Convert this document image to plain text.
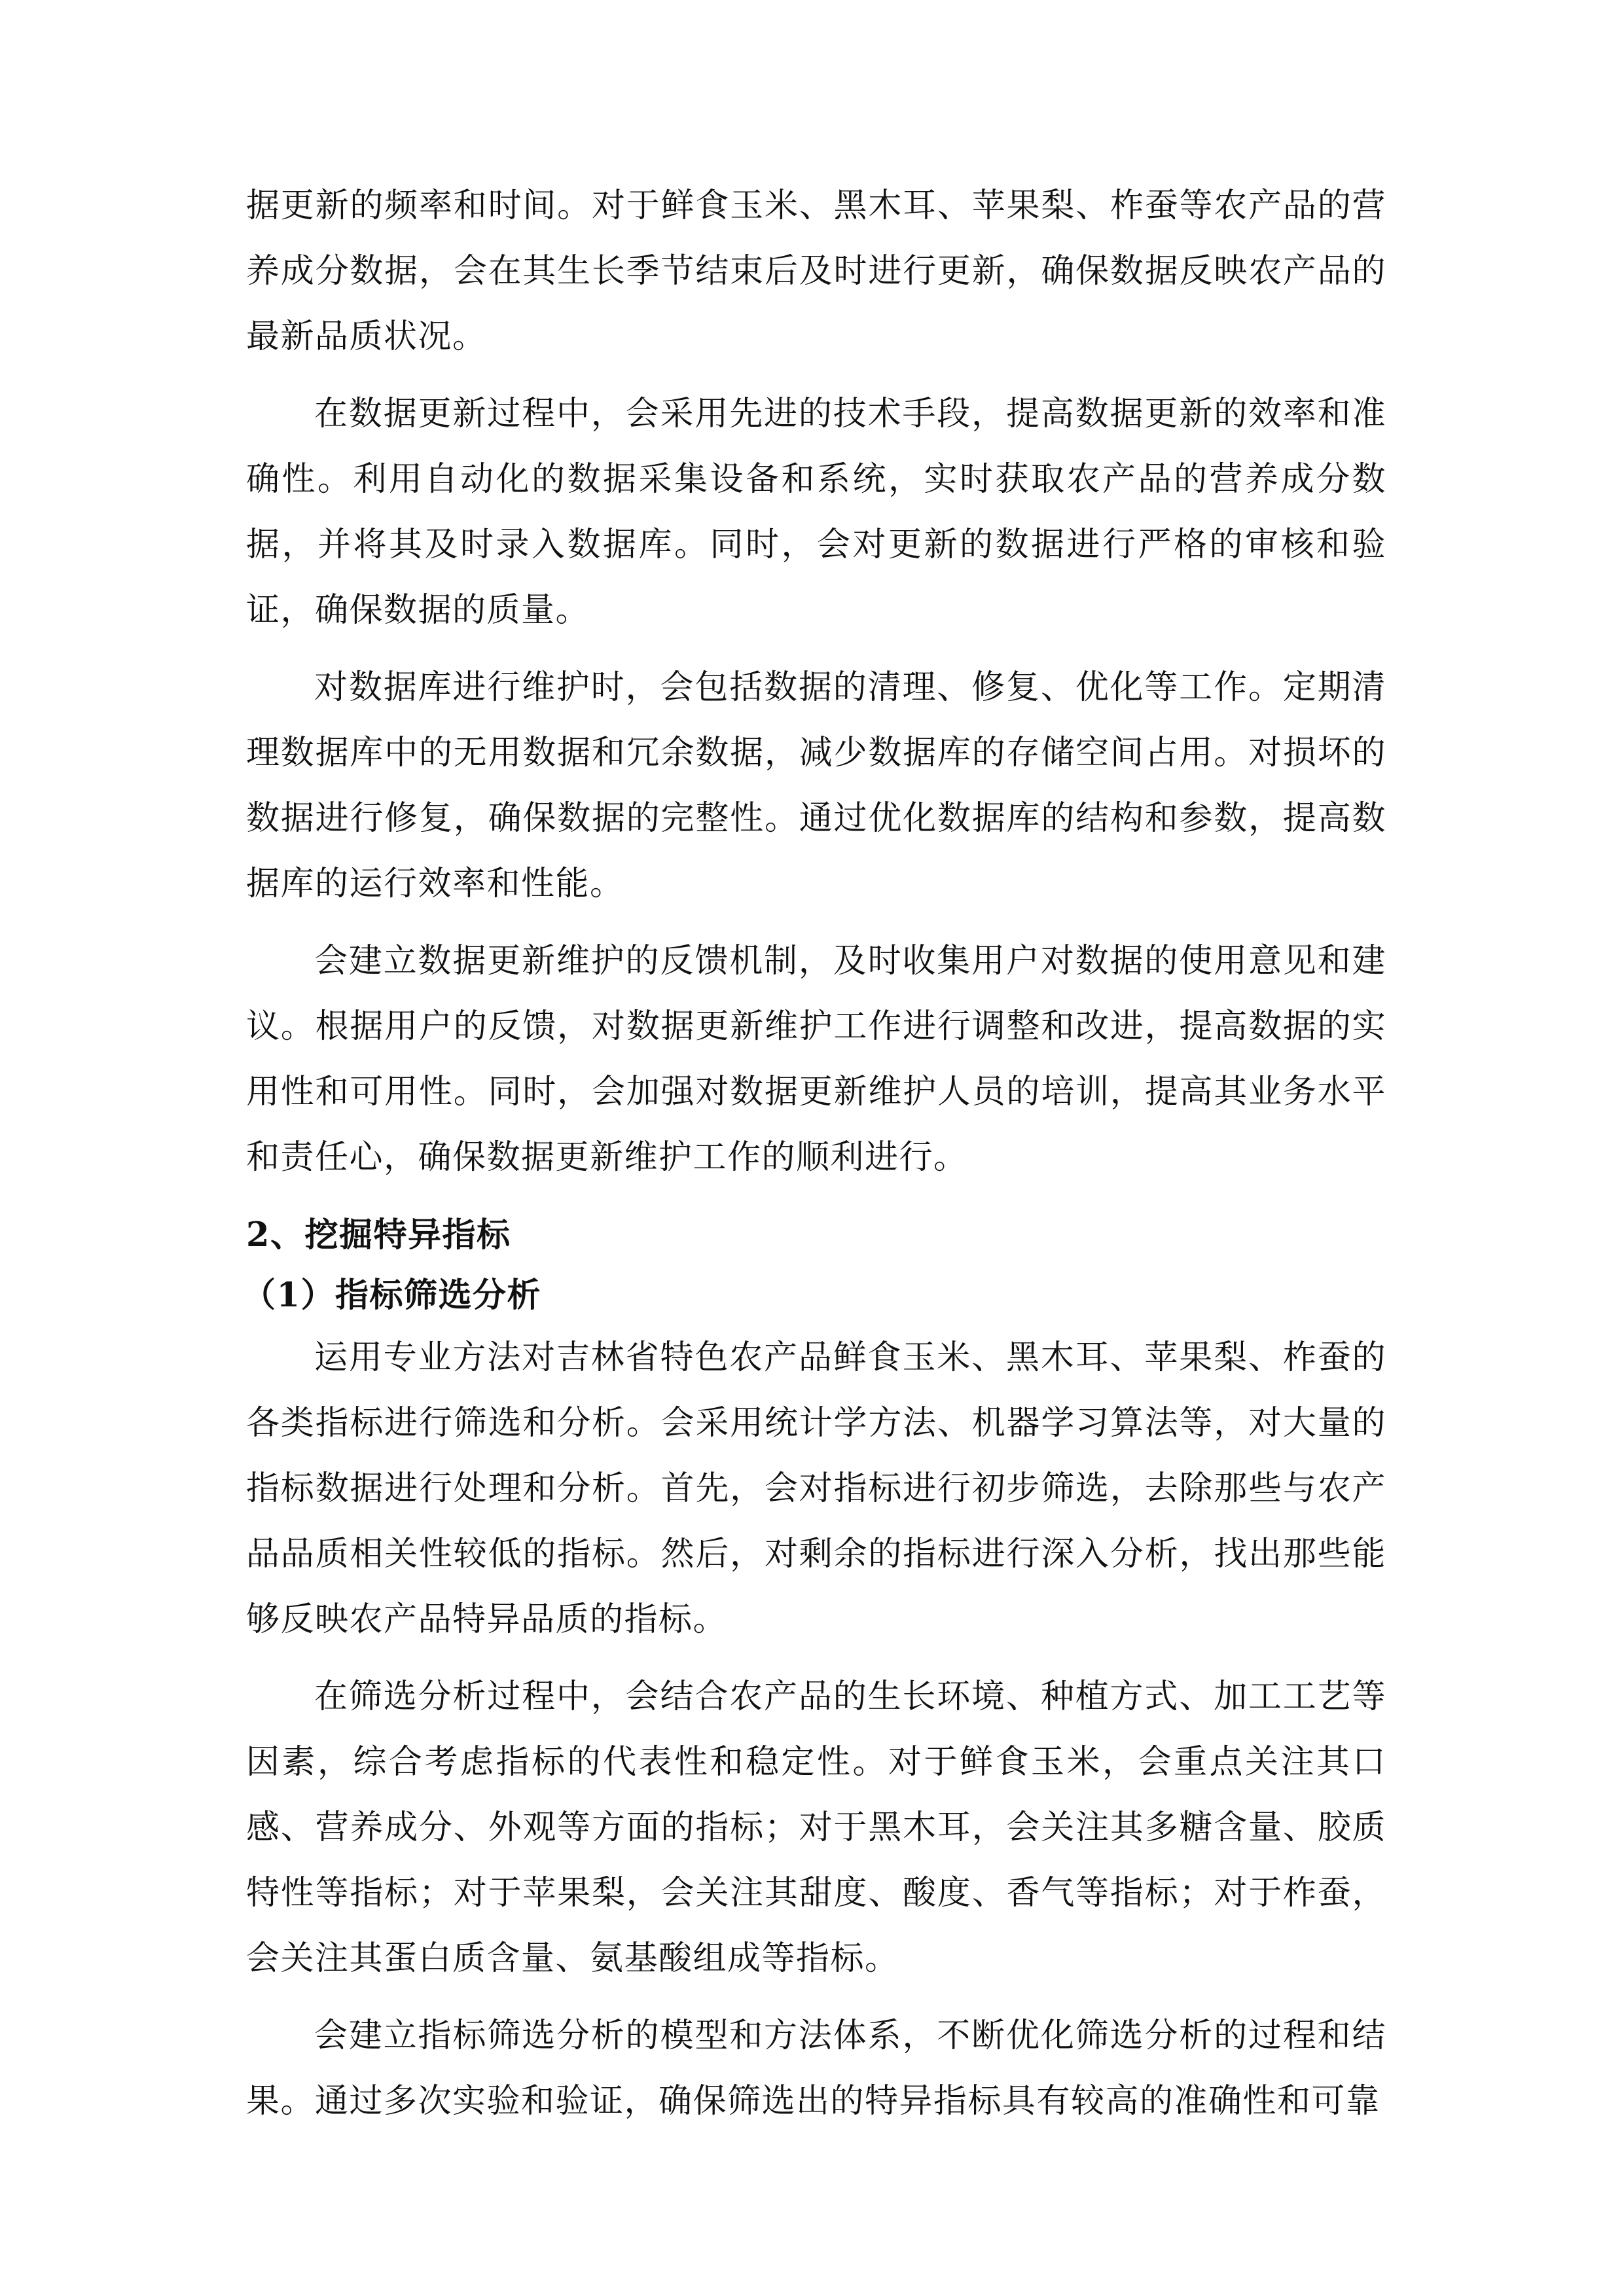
据更新的频率和时间。对于鲜食玉米、黑木耳、苹果梨、柞蚕等农产品的营养成分数据，会在其生长季节结束后及时进行更新，确保数据反映农产品的最新品质状况。

在数据更新过程中，会采用先进的技术手段，提高数据更新的效率和准确性。利用自动化的数据采集设备和系统，实时获取农产品的营养成分数据，并将其及时录入数据库。同时，会对更新的数据进行严格的审核和验证，确保数据的质量。

对数据库进行维护时，会包括数据的清理、修复、优化等工作。定期清理数据库中的无用数据和冗余数据，减少数据库的存储空间占用。对损坏的数据进行修复，确保数据的完整性。通过优化数据库的结构和参数，提高数据库的运行效率和性能。

会建立数据更新维护的反馈机制，及时收集用户对数据的使用意见和建议。根据用户的反馈，对数据更新维护工作进行调整和改进，提高数据的实用性和可用性。同时，会加强对数据更新维护人员的培训，提高其业务水平和责任心，确保数据更新维护工作的顺利进行。

2、挖掘特异指标
（1）指标筛选分析

运用专业方法对吉林省特色农产品鲜食玉米、黑木耳、苹果梨、柞蚕的各类指标进行筛选和分析。会采用统计学方法、机器学习算法等，对大量的指标数据进行处理和分析。首先，会对指标进行初步筛选，去除那些与农产品品质相关性较低的指标。然后，对剩余的指标进行深入分析，找出那些能够反映农产品特异品质的指标。

在筛选分析过程中，会结合农产品的生长环境、种植方式、加工工艺等因素，综合考虑指标的代表性和稳定性。对于鲜食玉米，会重点关注其口感、营养成分、外观等方面的指标；对于黑木耳，会关注其多糖含量、胶质特性等指标；对于苹果梨，会关注其甜度、酸度、香气等指标；对于柞蚕，会关注其蛋白质含量、氨基酸组成等指标。

会建立指标筛选分析的模型和方法体系，不断优化筛选分析的过程和结果。通过多次实验和验证，确保筛选出的特异指标具有较高的准确性和可靠
